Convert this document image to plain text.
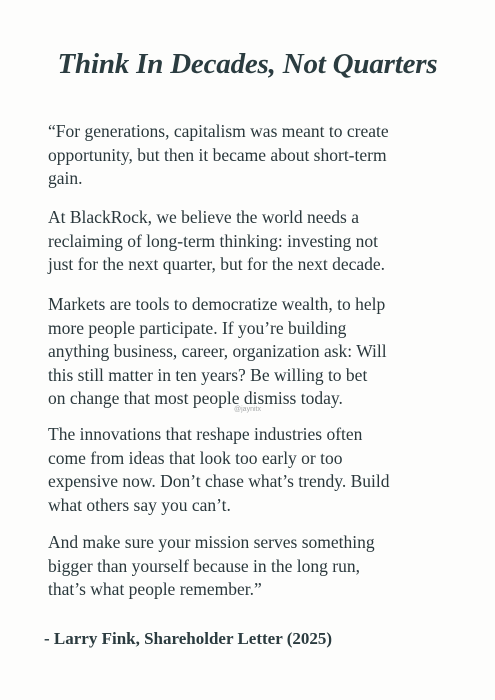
Think In Decades, Not Quarters

“For generations, capitalism was meant to create
opportunity, but then it became about short-term
gain.

At BlackRock, we believe the world needs a
reclaiming of long-term thinking: investing not
just for the next quarter, but for the next decade.

Markets are tools to democratize wealth, to help
more people participate. If you’re building
anything business, career, organization ask: Will
this still matter in ten years? Be willing to bet
on change that most people dismiss today.

@jaynitx

The innovations that reshape industries often
come from ideas that look too early or too
expensive now. Don’t chase what’s trendy. Build
what others say you can’t.

And make sure your mission serves something
bigger than yourself because in the long run,
that’s what people remember.”

- Larry Fink, Shareholder Letter (2025)
